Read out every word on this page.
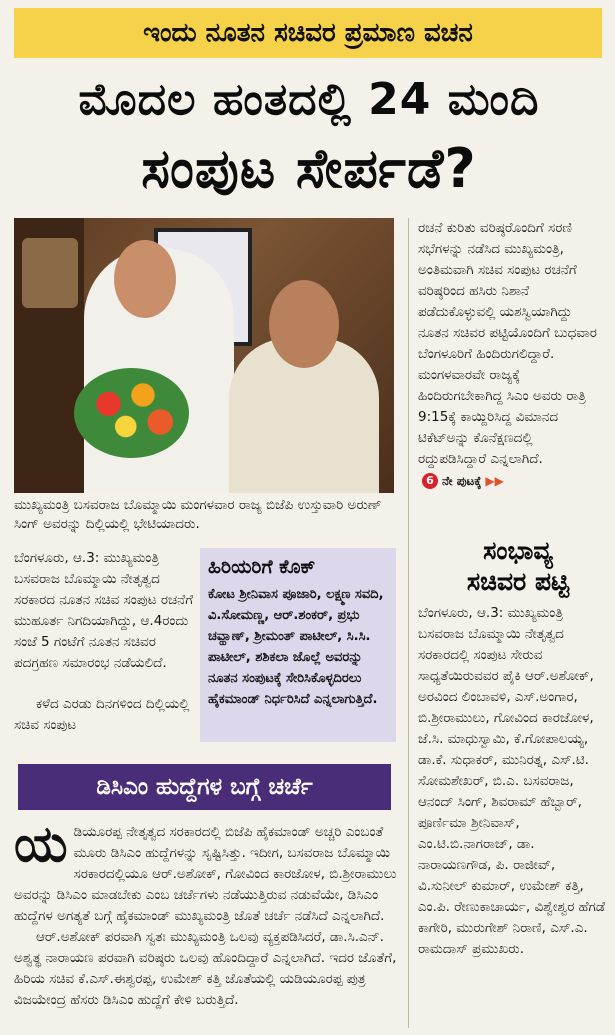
ಇಂದು ನೂತನ ಸಚಿವರ ಪ್ರಮಾಣ ವಚನ
ಮೊದಲ ಹಂತದಲ್ಲಿ 24 ಮಂದಿ
ಸಂಪುಟ ಸೇರ್ಪಡೆ?
ಮುಖ್ಯಮಂತ್ರಿ ಬಸವರಾಜ ಬೊಮ್ಮಾಯಿ ಮಂಗಳವಾರ ರಾಜ್ಯ ಬಿಜೆಪಿ ಉಸ್ತುವಾರಿ ಅರುಣ್ ಸಿಂಗ್ ಅವರನ್ನು ದಿಲ್ಲಿಯಲ್ಲಿ ಭೇಟಿಯಾದರು.
ರಚನೆ ಕುರಿತು ವರಿಷ್ಠರೊಂದಿಗೆ ಸರಣಿ ಸಭೆಗಳನ್ನು ನಡೆಸಿದ ಮುಖ್ಯಮಂತ್ರಿ, ಅಂತಿಮವಾಗಿ ಸಚಿವ ಸಂಪುಟ ರಚನೆಗೆ ವರಿಷ್ಠರಿಂದ ಹಸಿರು ನಿಶಾನೆ ಪಡೆದುಕೊಳ್ಳುವಲ್ಲಿ ಯಶಸ್ವಿಯಾಗಿದ್ದು ನೂತನ ಸಚಿವರ ಪಟ್ಟಿಯೊಂದಿಗೆ ಬುಧವಾರ ಬೆಂಗಳೂರಿಗೆ ಹಿಂದಿರುಗಲಿದ್ದಾರೆ. ಮಂಗಳವಾರವೇ ರಾಜ್ಯಕ್ಕೆ ಹಿಂದಿರುಗಬೇಕಾಗಿದ್ದ ಸಿಎಂ ಅವರು ರಾತ್ರಿ 9:15ಕ್ಕೆ ಕಾಯ್ದಿರಿಸಿದ್ದ ವಿಮಾನದ ಟಿಕೆಟ್‌ಅನ್ನು ಕೊನೆಕ್ಷಣದಲ್ಲಿ ರದ್ದುಪಡಿಸಿದ್ದಾರೆ ಎನ್ನಲಾಗಿದೆ.
6 ನೇ ಪುಟಕ್ಕೆ ▶▶
ಸಂಭಾವ್ಯ
ಸಚಿವರ ಪಟ್ಟಿ
ಬೆಂಗಳೂರು, ಆ.3: ಮುಖ್ಯಮಂತ್ರಿ ಬಸವರಾಜ ಬೊಮ್ಮಾಯಿ ನೇತೃತ್ವದ ಸರಕಾರದಲ್ಲಿ ಸಂಪುಟ ಸೇರುವ ಸಾಧ್ಯತೆಯಿರುವವರ ಪೈಕಿ ಆರ್.ಅಶೋಕ್, ಅರವಿಂದ ಲಿಂಬಾವಳಿ, ಎಸ್.ಅಂಗಾರ, ಬಿ.ಶ್ರೀರಾಮುಲು, ಗೋವಿಂದ ಕಾರಜೋಳ, ಜೆ.ಸಿ. ಮಾಧುಸ್ವಾಮಿ, ಕೆ.ಗೋಪಾಲಯ್ಯ, ಡಾ.ಕೆ. ಸುಧಾಕರ್, ಮುನಿರತ್ನ, ಎಸ್.ಟಿ. ಸೋಮಶೇಖರ್, ಬಿ.ಎ. ಬಸವರಾಜ, ಆನಂದ್ ಸಿಂಗ್, ಶಿವರಾಮ್ ಹೆಬ್ಬಾರ್, ಪೂರ್ಣಿಮಾ ಶ್ರೀನಿವಾಸ್, ಎಂ.ಟಿ.ಬಿ.ನಾಗರಾಜ್, ಡಾ. ನಾರಾಯಣಗೌಡ, ಪಿ. ರಾಜೀವ್, ವಿ.ಸುನೀಲ್ ಕುಮಾರ್, ಉಮೇಶ್ ಕತ್ತಿ, ಎಂ.ಪಿ. ರೇಣುಕಾಚಾರ್ಯ, ವಿಶ್ವೇಶ್ವರ ಹೆಗಡೆ ಕಾಗೇರಿ, ಮುರುಗೇಶ್ ನಿರಾಣಿ, ಎಸ್.ಎ. ರಾಮದಾಸ್ ಪ್ರಮುಖರು.
ಬೆಂಗಳೂರು, ಆ.3: ಮುಖ್ಯಮಂತ್ರಿ ಬಸವರಾಜ ಬೊಮ್ಮಾಯಿ ನೇತೃತ್ವದ ಸರಕಾರದ ನೂತನ ಸಚಿವ ಸಂಪುಟ ರಚನೆಗೆ ಮುಹೂರ್ತ ನಿಗದಿಯಾಗಿದ್ದು, ಆ.4ರಂದು ಸಂಜೆ 5 ಗಂಟೆಗೆ ನೂತನ ಸಚಿವರ ಪದಗ್ರಹಣ ಸಮಾರಂಭ ನಡೆಯಲಿದೆ.
ಕಳೆದ ಎರಡು ದಿನಗಳಿಂದ ದಿಲ್ಲಿಯಲ್ಲಿ ಸಚಿವ ಸಂಪುಟ
ಹಿರಿಯರಿಗೆ ಕೊಕ್
ಕೋಟ ಶ್ರೀನಿವಾಸ ಪೂಜಾರಿ, ಲಕ್ಷ್ಮಣ ಸವದಿ, ವಿ.ಸೋಮಣ್ಣ, ಆರ್.ಶಂಕರ್, ಪ್ರಭು ಚವ್ಹಾಣ್, ಶ್ರೀಮಂತ್ ಪಾಟೀಲ್, ಸಿ.ಸಿ. ಪಾಟೀಲ್, ಶಶಿಕಲಾ ಜೊಲ್ಲೆ ಅವರನ್ನು ನೂತನ ಸಂಪುಟಕ್ಕೆ ಸೇರಿಸಿಕೊಳ್ಳದಿರಲು ಹೈಕಮಾಂಡ್ ನಿರ್ಧರಿಸಿದೆ ಎನ್ನಲಾಗುತ್ತಿದೆ.
ಡಿಸಿಎಂ ಹುದ್ದೆಗಳ ಬಗ್ಗೆ ಚರ್ಚೆ
ಯ ಡಿಯೂರಪ್ಪ ನೇತೃತ್ವದ ಸರಕಾರದಲ್ಲಿ ಬಿಜೆಪಿ ಹೈಕಮಾಂಡ್ ಅಚ್ಚರಿ ಎಂಬಂತೆ ಮೂರು ಡಿಸಿಎಂ ಹುದ್ದೆಗಳನ್ನು ಸೃಷ್ಟಿಸಿತ್ತು. ಇದೀಗ, ಬಸವರಾಜ ಬೊಮ್ಮಾಯಿ ಸರಕಾರದಲ್ಲಿಯೂ ಆರ್.ಅಶೋಕ್, ಗೋವಿಂದ ಕಾರಜೋಳ, ಬಿ.ಶ್ರೀರಾಮುಲು ಅವರನ್ನು ಡಿಸಿಎಂ ಮಾಡಬೇಕು ಎಂಬ ಚರ್ಚೆಗಳು ನಡೆಯುತ್ತಿರುವ ನಡುವೆಯೇ, ಡಿಸಿಎಂ ಹುದ್ದೆಗಳ ಅಗತ್ಯತೆ ಬಗ್ಗೆ ಹೈಕಮಾಂಡ್ ಮುಖ್ಯಮಂತ್ರಿ ಜೊತೆ ಚರ್ಚೆ ನಡೆಸಿದೆ ಎನ್ನಲಾಗಿದೆ.
ಆರ್.ಅಶೋಕ್ ಪರವಾಗಿ ಸ್ವತಃ ಮುಖ್ಯಮಂತ್ರಿ ಒಲವು ವ್ಯಕ್ತಪಡಿಸಿದರೆ, ಡಾ.ಸಿ.ಎನ್. ಅಶ್ವತ್ಥ ನಾರಾಯಣ ಪರವಾಗಿ ವರಿಷ್ಠರು ಒಲವು ಹೊಂದಿದ್ದಾರೆ ಎನ್ನಲಾಗಿದೆ. ಇದರ ಜೊತೆಗೆ, ಹಿರಿಯ ಸಚಿವ ಕೆ.ಎಸ್.ಈಶ್ವರಪ್ಪ, ಉಮೇಶ್ ಕತ್ತಿ ಜೊತೆಯಲ್ಲಿ ಯಡಿಯೂರಪ್ಪ ಪುತ್ರ ವಿಜಯೇಂದ್ರ ಹೆಸರು ಡಿಸಿಎಂ ಹುದ್ದೆಗೆ ಕೇಳಿ ಬರುತ್ತಿದೆ.
